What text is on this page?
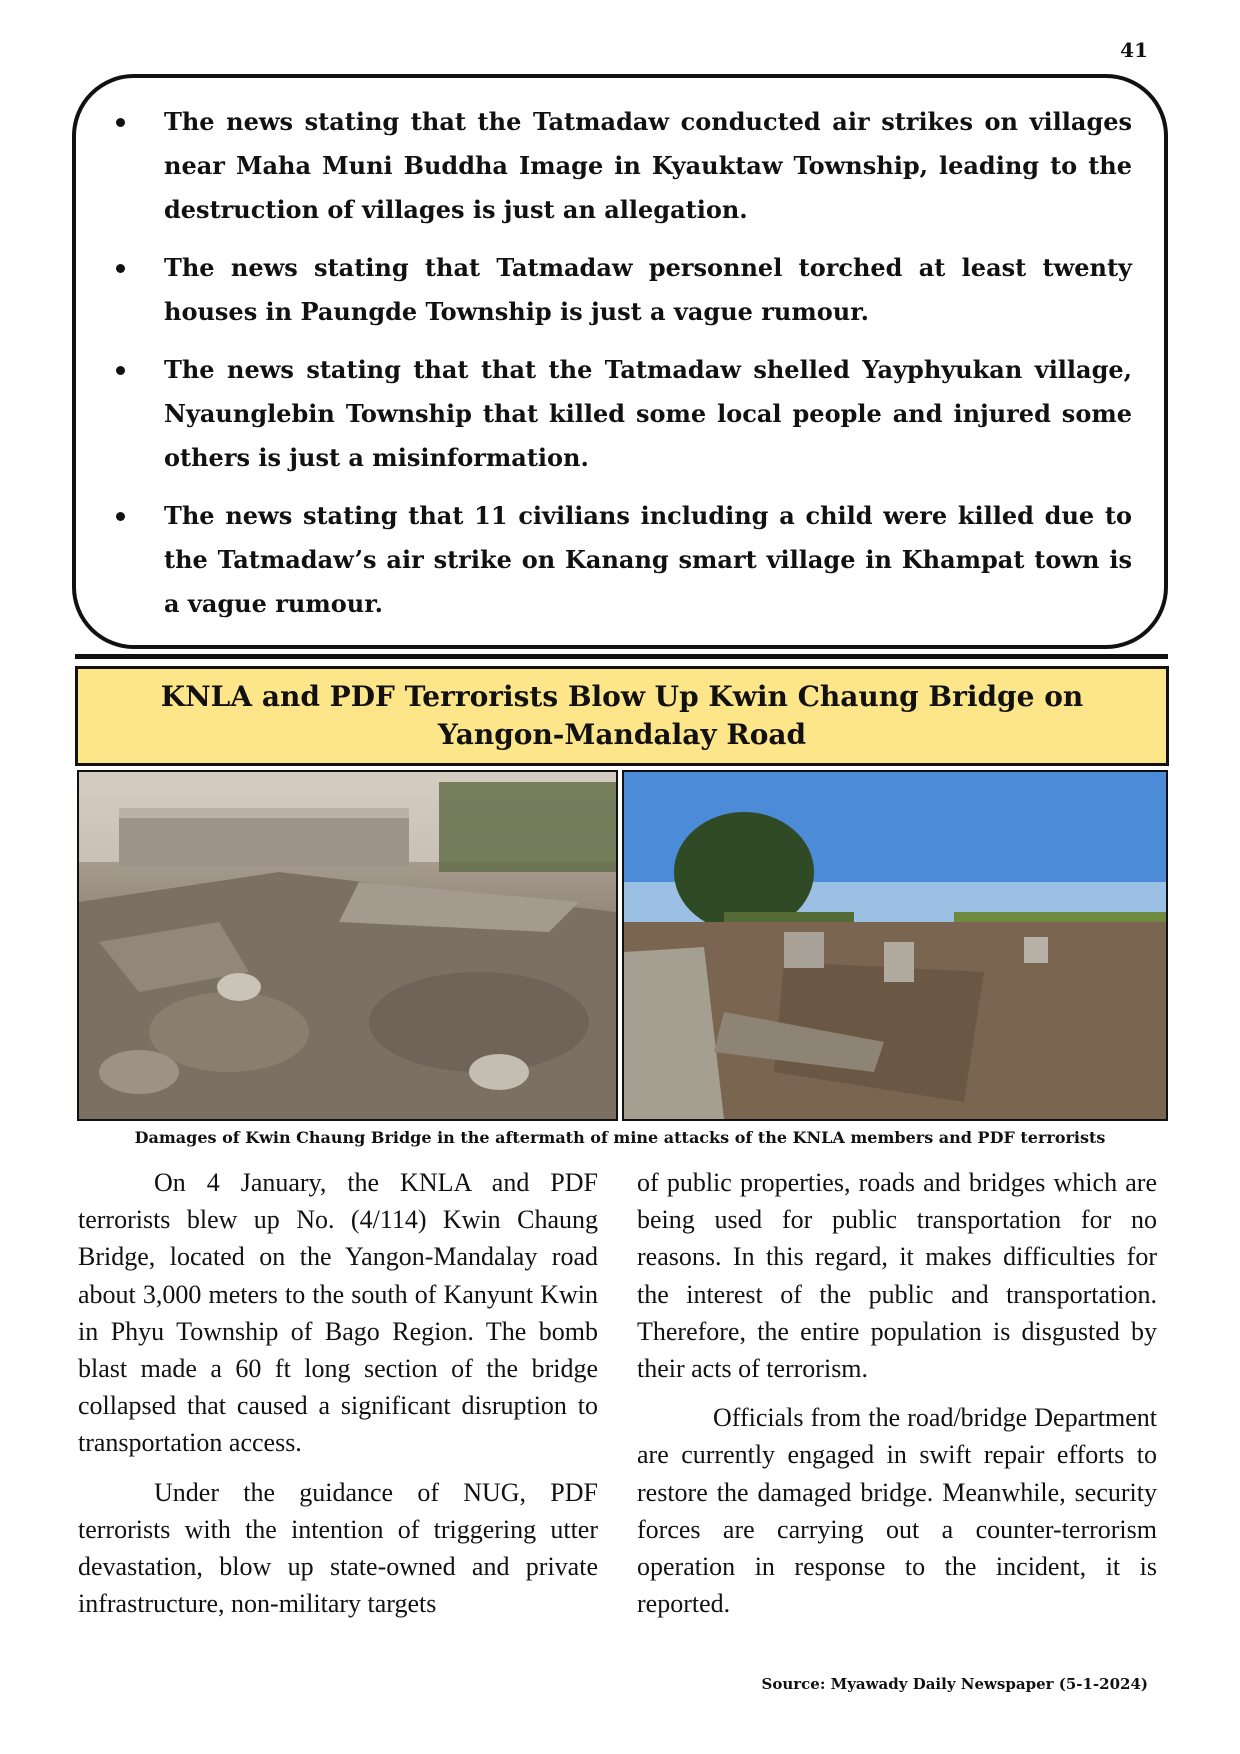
41
The news stating that the Tatmadaw conducted air strikes on villages near Maha Muni Buddha Image in Kyauktaw Township, leading to the destruction of villages is just an allegation.
The news stating that Tatmadaw personnel torched at least twenty houses in Paungde Township is just a vague rumour.
The news stating that that the Tatmadaw shelled Yayphyukan village, Nyaunglebin Township that killed some local people and injured some others is just a misinformation.
The news stating that 11 civilians including a child were killed due to the Tatmadaw’s air strike on Kanang smart village in Khampat town is a vague rumour.
KNLA and PDF Terrorists Blow Up Kwin Chaung Bridge on Yangon-Mandalay Road
Damages of Kwin Chaung Bridge in the aftermath of mine attacks of the KNLA members and PDF terrorists

On 4 January, the KNLA and PDF terrorists blew up No. (4/114) Kwin Chaung Bridge, located on the Yangon-Mandalay road about 3,000 meters to the south of Kanyunt Kwin in Phyu Township of Bago Region. The bomb blast made a 60 ft long section of the bridge collapsed that caused a significant disruption to transportation access.

Under the guidance of NUG, PDF terrorists with the intention of triggering utter devastation, blow up state-owned and private infrastructure, non-military targets

of public properties, roads and bridges which are being used for public transportation for no reasons. In this regard, it makes difficulties for the interest of the public and transportation. Therefore, the entire population is disgusted by their acts of terrorism.

Officials from the road/bridge Department are currently engaged in swift repair efforts to restore the damaged bridge. Meanwhile, security forces are carrying out a counter-terrorism operation in response to the incident, it is reported.

Source: Myawady Daily Newspaper (5-1-2024)
